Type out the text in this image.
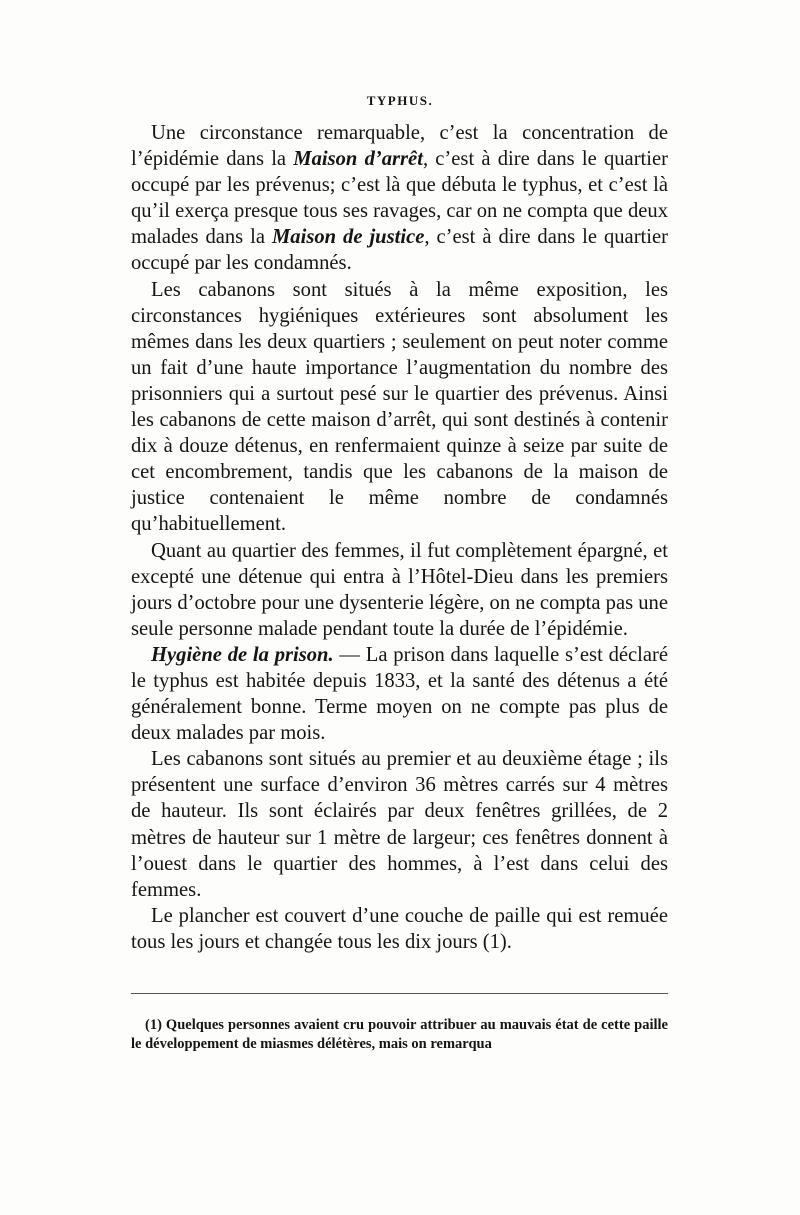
TYPHUS.

Une circonstance remarquable, c’est la concentration de l’épidémie dans la Maison d’arrêt, c’est à dire dans le quartier occupé par les prévenus; c’est là que débuta le typhus, et c’est là qu’il exerça presque tous ses ravages, car on ne compta que deux malades dans la Maison de justice, c’est à dire dans le quartier occupé par les condamnés.

Les cabanons sont situés à la même exposition, les circonstances hygiéniques extérieures sont absolument les mêmes dans les deux quartiers ; seulement on peut noter comme un fait d’une haute importance l’augmentation du nombre des prisonniers qui a surtout pesé sur le quartier des prévenus. Ainsi les cabanons de cette maison d’arrêt, qui sont destinés à contenir dix à douze détenus, en renfermaient quinze à seize par suite de cet encombrement, tandis que les cabanons de la maison de justice contenaient le même nombre de condamnés qu’habituellement.

Quant au quartier des femmes, il fut complètement épargné, et excepté une détenue qui entra à l’Hôtel-Dieu dans les premiers jours d’octobre pour une dysenterie légère, on ne compta pas une seule personne malade pendant toute la durée de l’épidémie.

Hygiène de la prison. — La prison dans laquelle s’est déclaré le typhus est habitée depuis 1833, et la santé des détenus a été généralement bonne. Terme moyen on ne compte pas plus de deux malades par mois.

Les cabanons sont situés au premier et au deuxième étage ; ils présentent une surface d’environ 36 mètres carrés sur 4 mètres de hauteur. Ils sont éclairés par deux fenêtres grillées, de 2 mètres de hauteur sur 1 mètre de largeur; ces fenêtres donnent à l’ouest dans le quartier des hommes, à l’est dans celui des femmes.

Le plancher est couvert d’une couche de paille qui est remuée tous les jours et changée tous les dix jours (1).

(1) Quelques personnes avaient cru pouvoir attribuer au mauvais état de cette paille le développement de miasmes délétères, mais on remarqua
